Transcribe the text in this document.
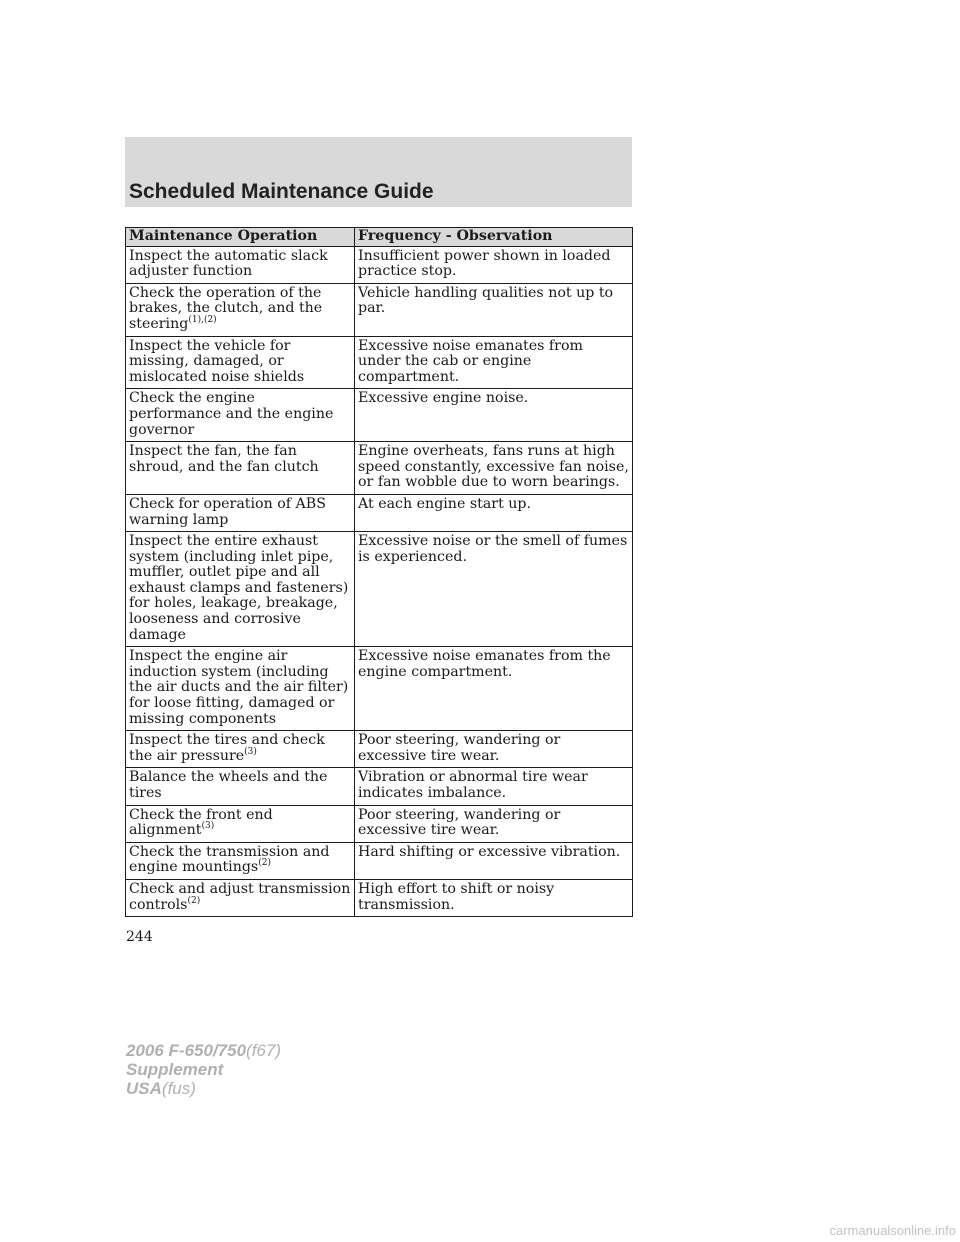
Scheduled Maintenance Guide
Maintenance Operation	Frequency - Observation
Inspect the automatic slack adjuster function	Insufficient power shown in loaded practice stop.
Check the operation of the brakes, the clutch, and the steering$^{(1),(2)}$	Vehicle handling qualities not up to par.
Inspect the vehicle for missing, damaged, or mislocated noise shields	Excessive noise emanates from under the cab or engine compartment.
Check the engine performance and the engine governor	Excessive engine noise.
Inspect the fan, the fan shroud, and the fan clutch	Engine overheats, fans runs at high speed constantly, excessive fan noise, or fan wobble due to worn bearings.
Check for operation of ABS warning lamp	At each engine start up.
Inspect the entire exhaust system (including inlet pipe, muffler, outlet pipe and all exhaust clamps and fasteners) for holes, leakage, breakage, looseness and corrosive damage	Excessive noise or the smell of fumes is experienced.
Inspect the engine air induction system (including the air ducts and the air filter) for loose fitting, damaged or missing components	Excessive noise emanates from the engine compartment.
Inspect the tires and check the air pressure$^{(3)}$	Poor steering, wandering or excessive tire wear.
Balance the wheels and the tires	Vibration or abnormal tire wear indicates imbalance.
Check the front end alignment$^{(3)}$	Poor steering, wandering or excessive tire wear.
Check the transmission and engine mountings$^{(2)}$	Hard shifting or excessive vibration.
Check and adjust transmission controls$^{(2)}$	High effort to shift or noisy transmission.
244
2006 F-650/750(f67)
Supplement
USA(fus)
carmanualsonline.info
